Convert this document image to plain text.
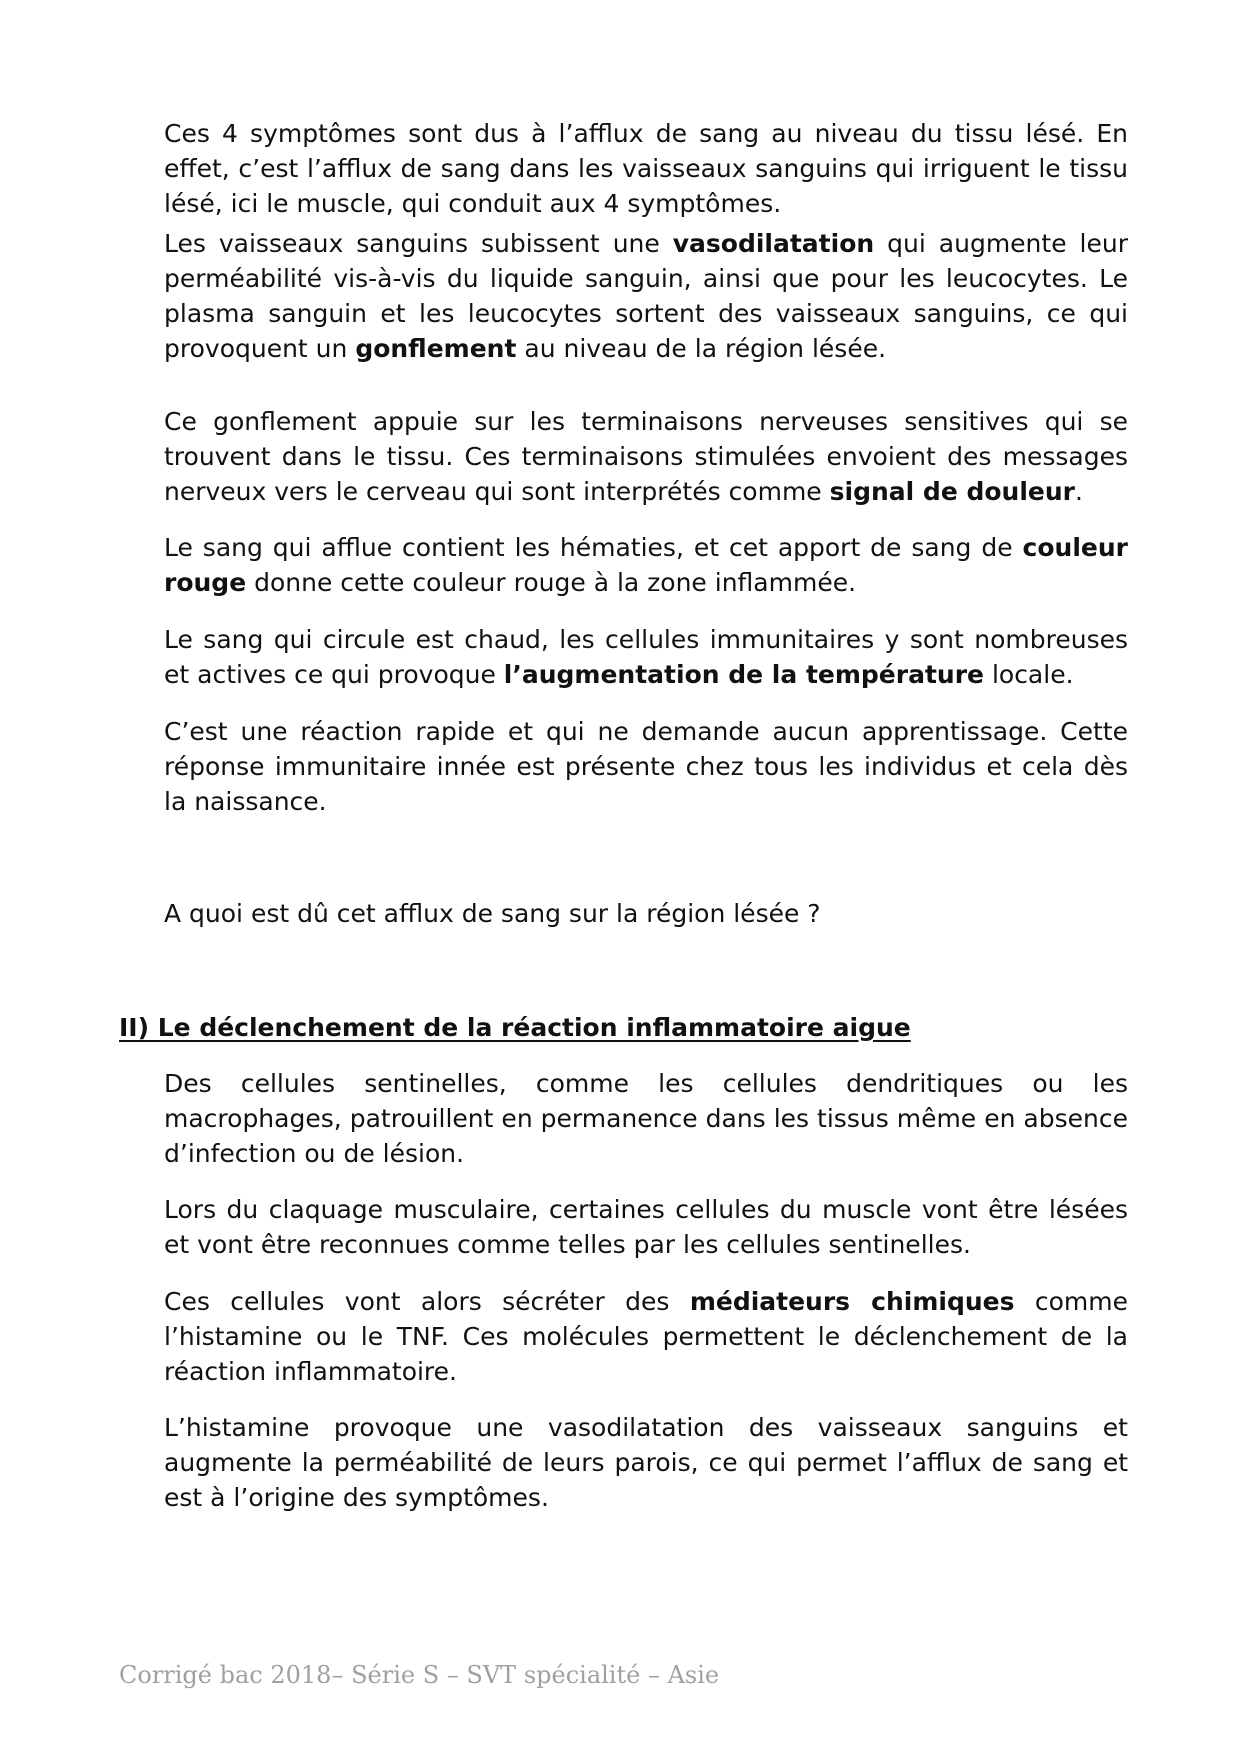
Ces 4 symptômes sont dus à l’afflux de sang au niveau du tissu lésé. En effet, c’est l’afflux de sang dans les vaisseaux sanguins qui irriguent le tissu lésé, ici le muscle, qui conduit aux 4 symptômes.

Les vaisseaux sanguins subissent une vasodilatation qui augmente leur perméabilité vis-à-vis du liquide sanguin, ainsi que pour les leucocytes. Le plasma sanguin et les leucocytes sortent des vaisseaux sanguins, ce qui provoquent un gonflement au niveau de la région lésée.

Ce gonflement appuie sur les terminaisons nerveuses sensitives qui se trouvent dans le tissu. Ces terminaisons stimulées envoient des messages nerveux vers le cerveau qui sont interprétés comme signal de douleur.

Le sang qui afflue contient les hématies, et cet apport de sang de couleur rouge donne cette couleur rouge à la zone inflammée.

Le sang qui circule est chaud, les cellules immunitaires y sont nombreuses et actives ce qui provoque l’augmentation de la température locale.

C’est une réaction rapide et qui ne demande aucun apprentissage. Cette réponse immunitaire innée est présente chez tous les individus et cela dès la naissance.

A quoi est dû cet afflux de sang sur la région lésée ?

II) Le déclenchement de la réaction inflammatoire aigue

Des cellules sentinelles, comme les cellules dendritiques ou les macrophages, patrouillent en permanence dans les tissus même en absence d’infection ou de lésion.

Lors du claquage musculaire, certaines cellules du muscle vont être lésées et vont être reconnues comme telles par les cellules sentinelles.

Ces cellules vont alors sécréter des médiateurs chimiques comme l’histamine ou le TNF. Ces molécules permettent le déclenchement de la réaction inflammatoire.

L’histamine provoque une vasodilatation des vaisseaux sanguins et augmente la perméabilité de leurs parois, ce qui permet l’afflux de sang et est à l’origine des symptômes.

Corrigé bac 2018– Série S – SVT spécialité – Asie
